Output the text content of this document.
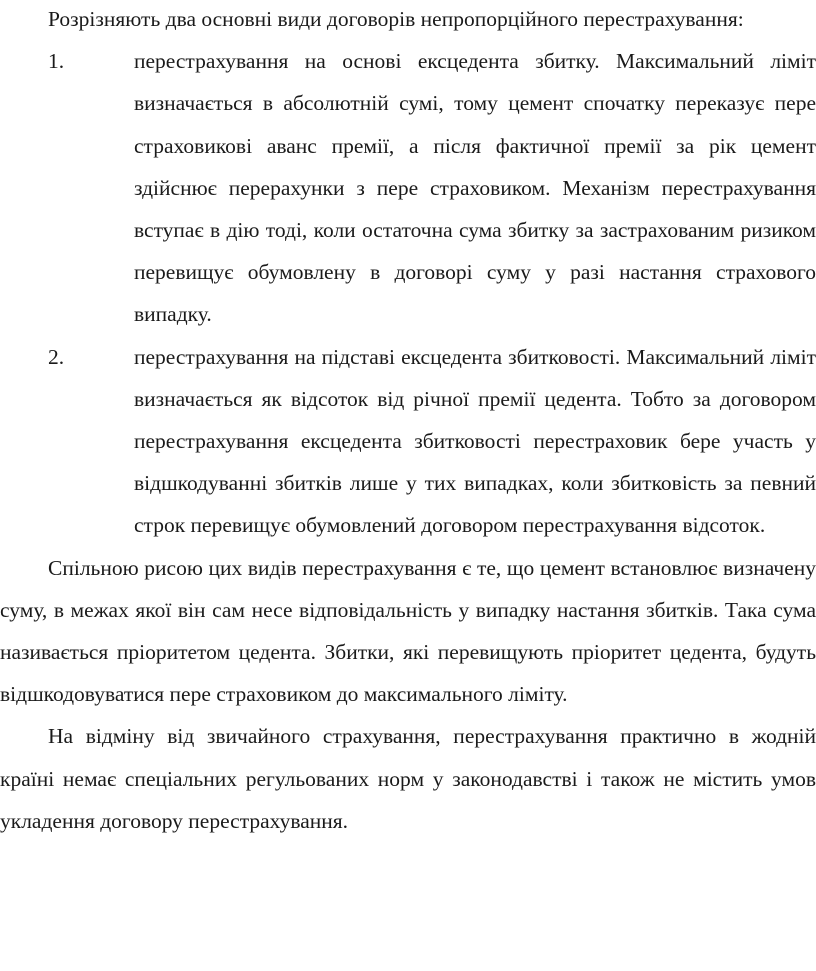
Розрізняють два основні види договорів непропорційного перестрахування:

1.	перестрахування на основі ексцедента збитку. Максимальний ліміт визначається в абсолютній сумі, тому цемент спочатку переказує пере страховикові аванс премії, а після фактичної премії за рік цемент здійснює перерахунки з пере страховиком. Механізм перестрахування вступає в дію тоді, коли остаточна сума збитку за застрахованим ризиком перевищує обумовлену в договорі суму у разі настання страхового випадку.
2.	перестрахування на підставі ексцедента збитковості. Максимальний ліміт визначається як відсоток від річної премії цедента. Тобто за договором перестрахування ексцедента збитковості перестраховик бере участь у відшкодуванні збитків лише у тих випадках, коли збитковість за певний строк перевищує обумовлений договором перестрахування відсоток.

Спільною рисою цих видів перестрахування є те, що цемент встановлює визначену суму, в межах якої він сам несе відповідальність у випадку настання збитків. Така сума називається пріоритетом цедента. Збитки, які перевищують пріоритет цедента, будуть відшкодовуватися пере страховиком до максимального ліміту.

На відміну від звичайного страхування, перестрахування практично в жодній країні немає спеціальних регульованих норм у законодавстві і також не містить умов укладення договору перестрахування.
